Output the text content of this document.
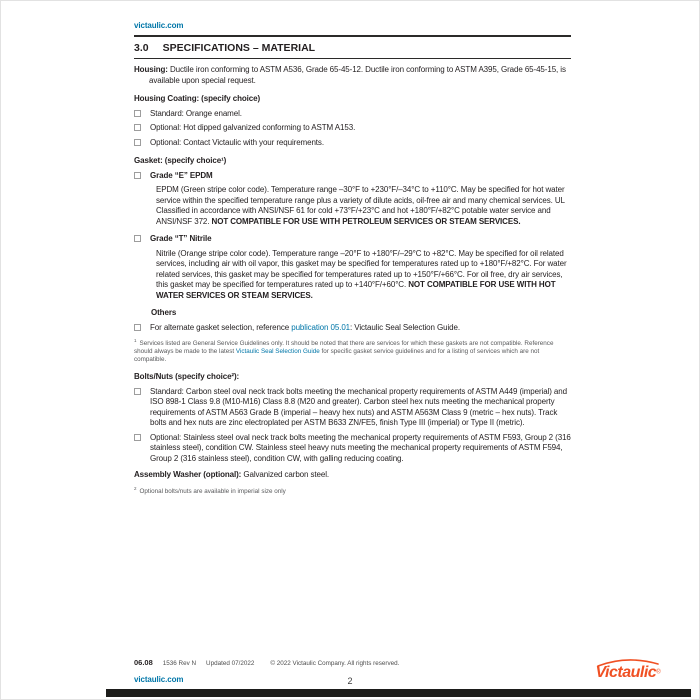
victaulic.com
3.0 SPECIFICATIONS – MATERIAL

Housing: Ductile iron conforming to ASTM A536, Grade 65-45-12. Ductile iron conforming to ASTM A395, Grade 65-45-15, is available upon special request.

Housing Coating: (specify choice)
Standard: Orange enamel.
Optional: Hot dipped galvanized conforming to ASTM A153.
Optional: Contact Victaulic with your requirements.
Gasket: (specify choice¹)
Grade “E” EPDM

EPDM (Green stripe color code). Temperature range –30°F to +230°F/–34°C to +110°C. May be specified for hot water service within the specified temperature range plus a variety of dilute acids, oil-free air and many chemical services. UL Classified in accordance with ANSI/NSF 61 for cold +73°F/+23°C and hot +180°F/+82°C potable water service and ANSI/NSF 372. NOT COMPATIBLE FOR USE WITH PETROLEUM SERVICES OR STEAM SERVICES.

Grade “T” Nitrile

Nitrile (Orange stripe color code). Temperature range –20°F to +180°F/–29°C to +82°C. May be specified for oil related services, including air with oil vapor, this gasket may be specified for temperatures rated up to +180°F/+82°C. For water related services, this gasket may be specified for temperatures rated up to +150°F/+66°C. For oil free, dry air services, this gasket may be specified for temperatures rated up to +140°F/+60°C. NOT COMPATIBLE FOR USE WITH HOT WATER SERVICES OR STEAM SERVICES.

Others
For alternate gasket selection, reference publication 05.01: Victaulic Seal Selection Guide.

$^1$ Services listed are General Service Guidelines only. It should be noted that there are services for which these gaskets are not compatible. Reference should always be made to the latest Victaulic Seal Selection Guide for specific gasket service guidelines and for a listing of services which are not compatible.

Bolts/Nuts (specify choice²):
Standard: Carbon steel oval neck track bolts meeting the mechanical property requirements of ASTM A449 (imperial) and ISO 898-1 Class 9.8 (M10-M16) Class 8.8 (M20 and greater). Carbon steel hex nuts meeting the mechanical property requirements of ASTM A563 Grade B (imperial – heavy hex nuts) and ASTM A563M Class 9 (metric – hex nuts). Track bolts and hex nuts are zinc electroplated per ASTM B633 ZN/FE5, finish Type III (imperial) or Type II (metric).
Optional: Stainless steel oval neck track bolts meeting the mechanical property requirements of ASTM F593, Group 2 (316 stainless steel), condition CW. Stainless steel heavy nuts meeting the mechanical property requirements of ASTM F594, Group 2 (316 stainless steel), condition CW, with galling reducing coating.

Assembly Washer (optional): Galvanized carbon steel.

$^2$ Optional bolts/nuts are available in imperial size only

06.08 1536 Rev N Updated 07/2022	© 2022 Victaulic Company. All rights reserved.
victaulic.com	2	Victaulic®
